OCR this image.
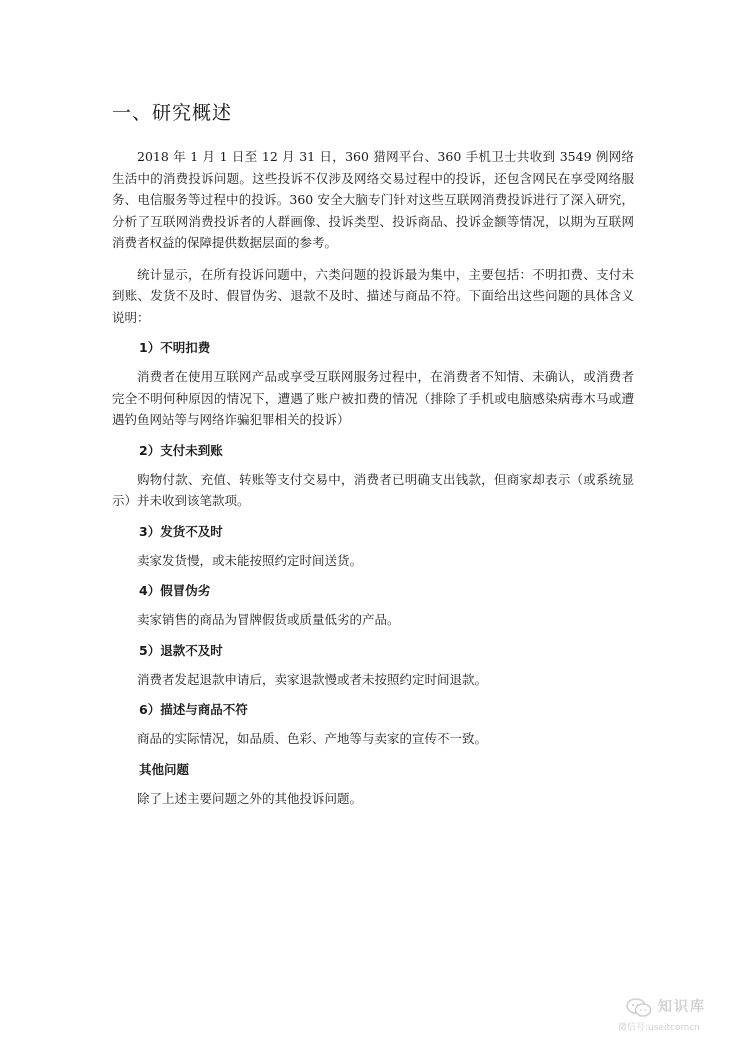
一、研究概述

2018 年 1 月 1 日至 12 月 31 日，360 猎网平台、360 手机卫士共收到 3549 例网络生活中的消费投诉问题。这些投诉不仅涉及网络交易过程中的投诉，还包含网民在享受网络服务、电信服务等过程中的投诉。360 安全大脑专门针对这些互联网消费投诉进行了深入研究，分析了互联网消费投诉者的人群画像、投诉类型、投诉商品、投诉金额等情况，以期为互联网消费者权益的保障提供数据层面的参考。

统计显示，在所有投诉问题中，六类问题的投诉最为集中，主要包括：不明扣费、支付未到账、发货不及时、假冒伪劣、退款不及时、描述与商品不符。下面给出这些问题的具体含义说明：

1）不明扣费

消费者在使用互联网产品或享受互联网服务过程中，在消费者不知情、未确认，或消费者完全不明何种原因的情况下，遭遇了账户被扣费的情况（排除了手机或电脑感染病毒木马或遭遇钓鱼网站等与网络诈骗犯罪相关的投诉）

2）支付未到账

购物付款、充值、转账等支付交易中，消费者已明确支出钱款，但商家却表示（或系统显示）并未收到该笔款项。

3）发货不及时

卖家发货慢，或未能按照约定时间送货。

4）假冒伪劣

卖家销售的商品为冒牌假货或质量低劣的产品。

5）退款不及时

消费者发起退款申请后，卖家退款慢或者未按照约定时间退款。

6）描述与商品不符

商品的实际情况，如品质、色彩、产地等与卖家的宣传不一致。

其他问题

除了上述主要问题之外的其他投诉问题。

知识库
微信号:useitcomcn
